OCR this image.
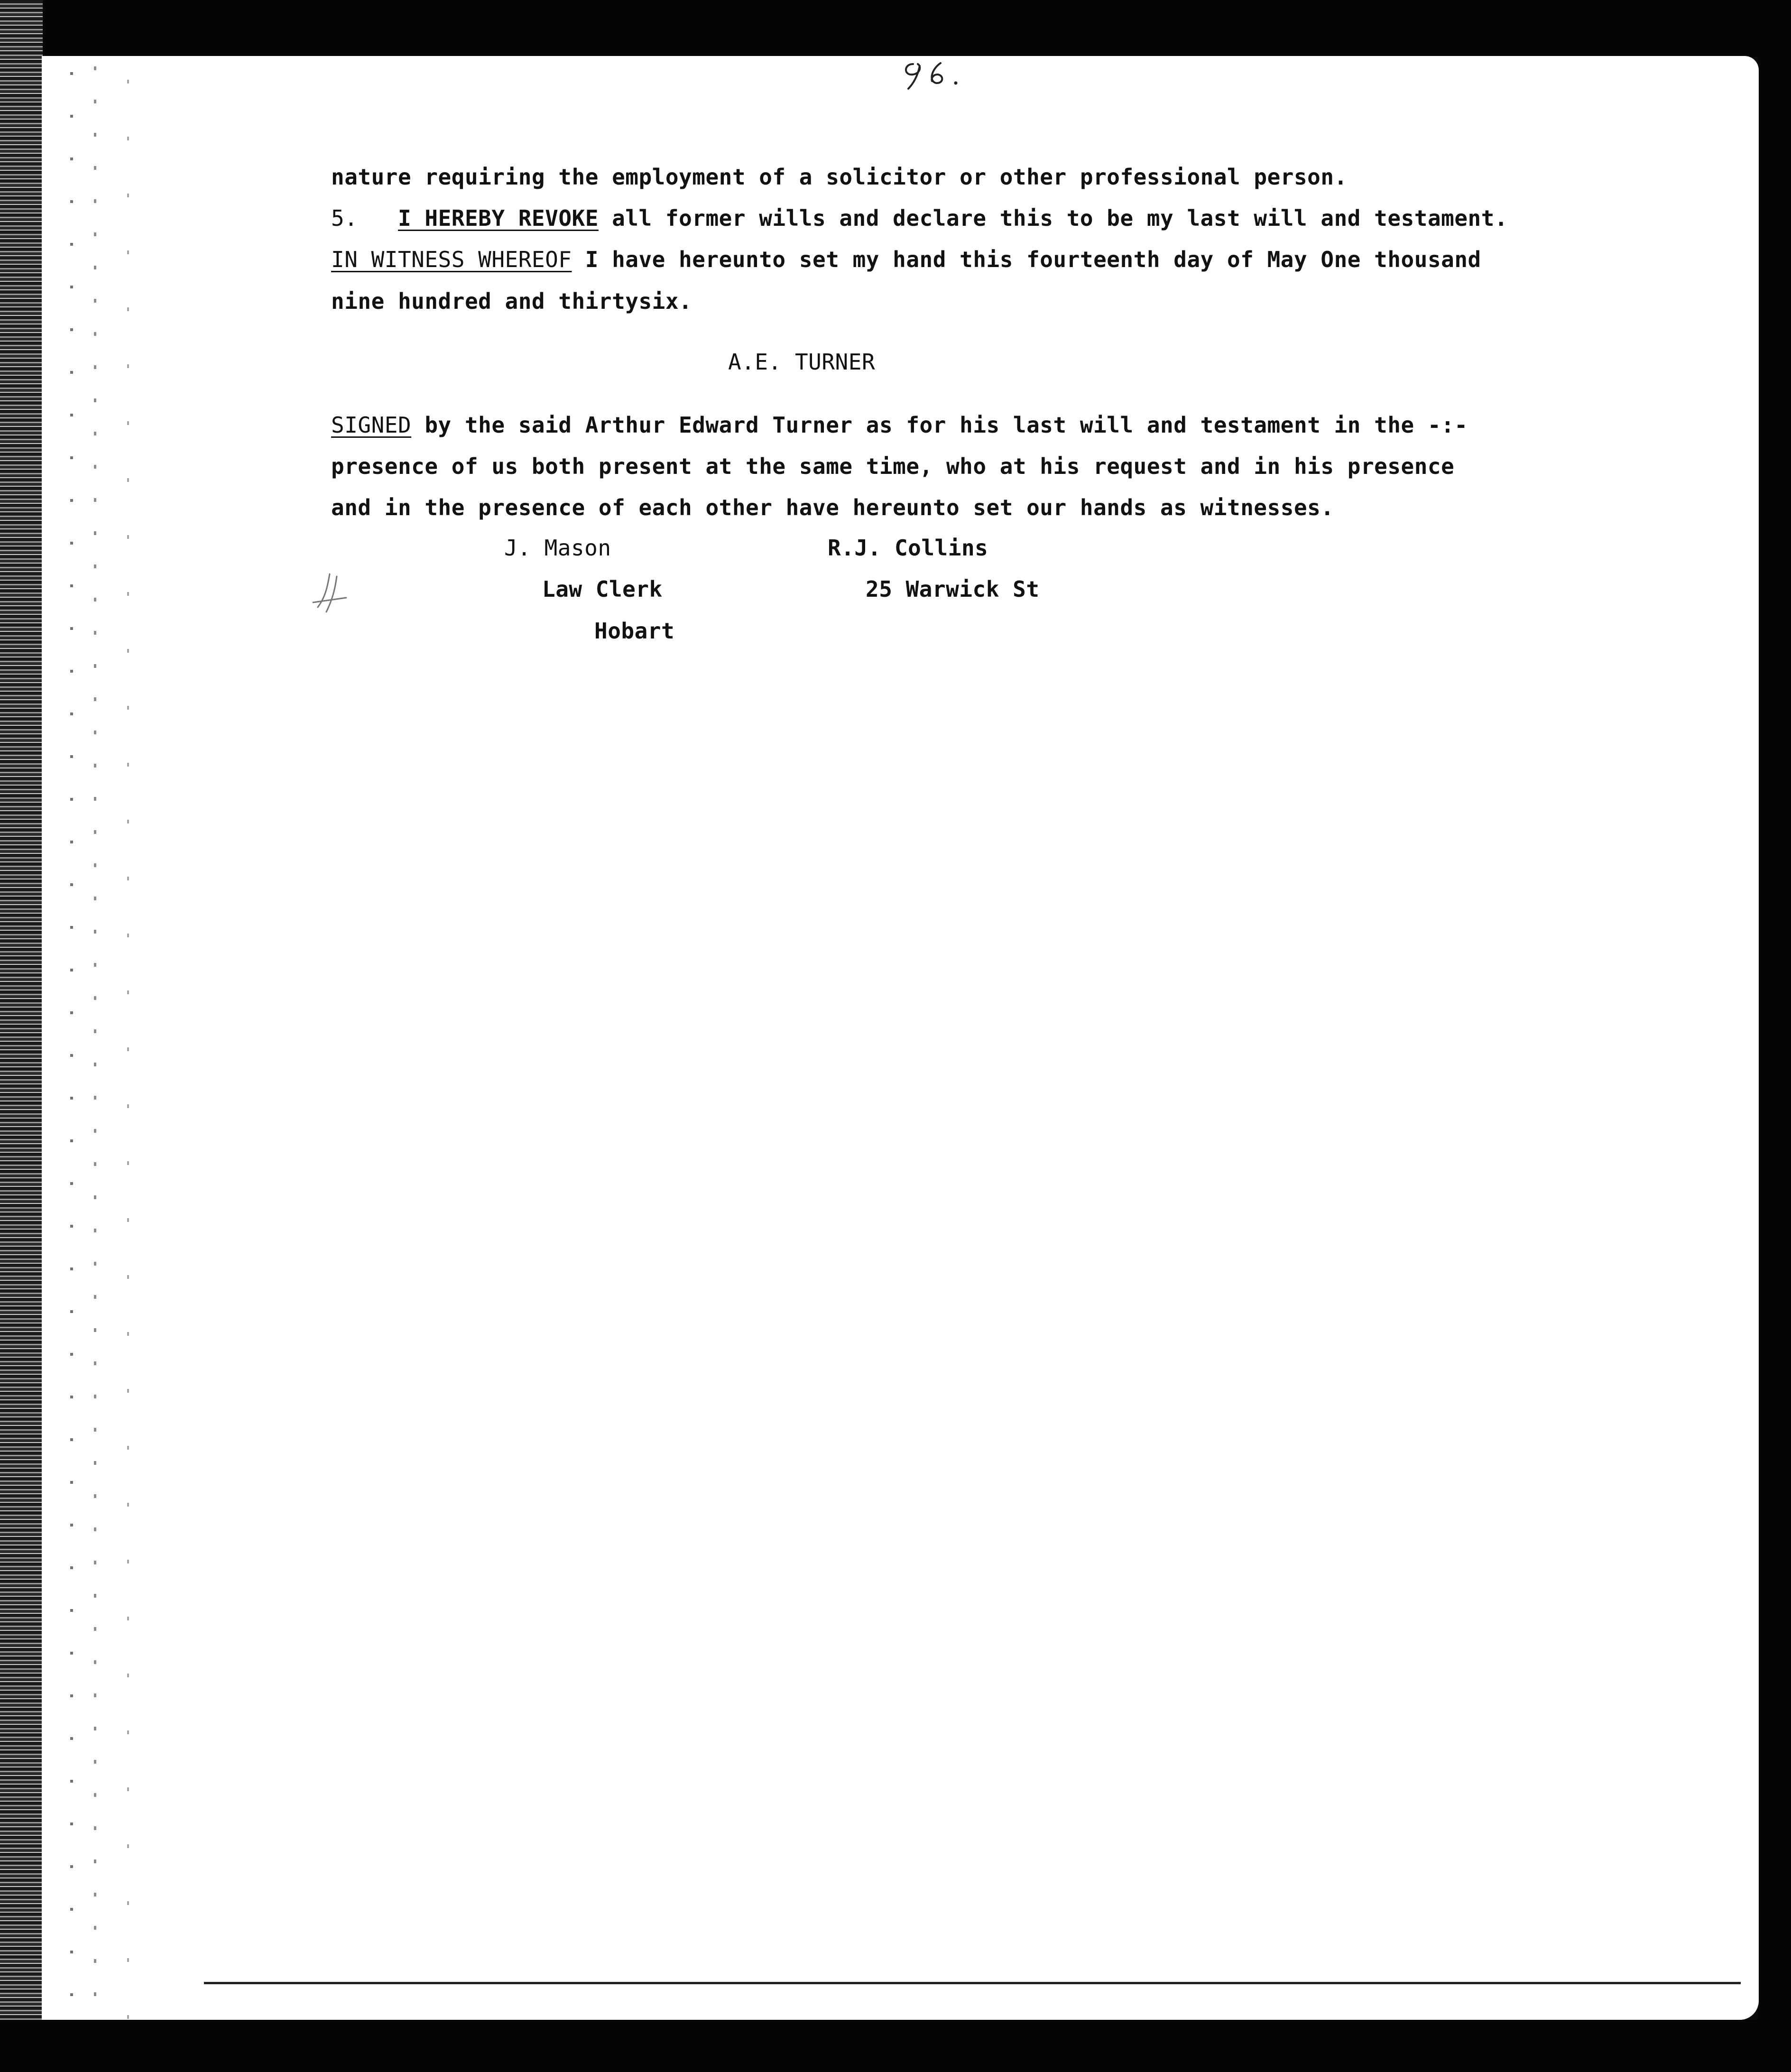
nature requiring the employment of a solicitor or other professional person.
5. I HEREBY REVOKE all former wills and declare this to be my last will and testament.
IN WITNESS WHEREOF I have hereunto set my hand this fourteenth day of May One thousand
nine hundred and thirtysix.
A.E. TURNER
SIGNED by the said Arthur Edward Turner as for his last will and testament in the -:-
presence of us both present at the same time, who at his request and in his presence
and in the presence of each other have hereunto set our hands as witnesses.
J. Mason
Law Clerk
Hobart
R.J. Collins
25 Warwick St
